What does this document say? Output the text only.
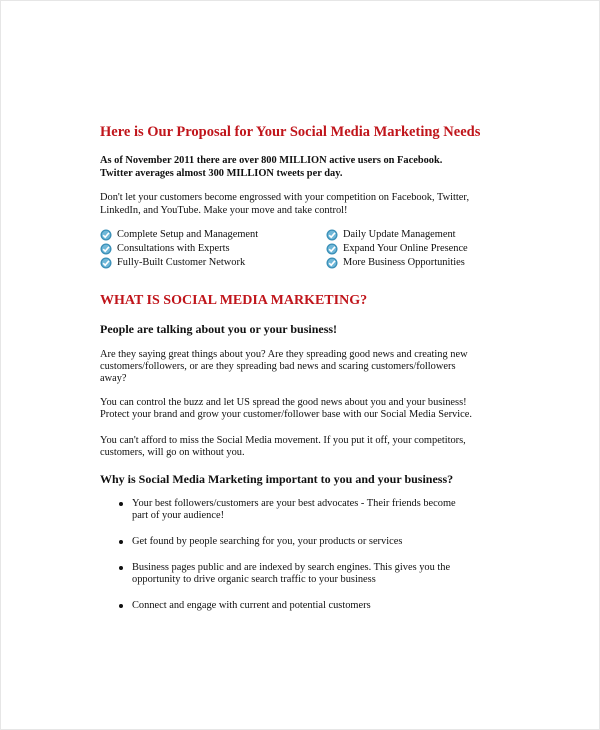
Here is Our Proposal for Your Social Media Marketing Needs

As of November 2011 there are over 800 MILLION active users on Facebook.
Twitter averages almost 300 MILLION tweets per day.

Don't let your customers become engrossed with your competition on Facebook, Twitter,
LinkedIn, and YouTube. Make your move and take control!

Complete Setup and Management	Daily Update Management
Consultations with Experts	Expand Your Online Presence
Fully-Built Customer Network	More Business Opportunities
WHAT IS SOCIAL MEDIA MARKETING?
People are talking about you or your business!

Are they saying great things about you? Are they spreading good news and creating new
customers/followers, or are they spreading bad news and scaring customers/followers
away?

You can control the buzz and let US spread the good news about you and your business!
Protect your brand and grow your customer/follower base with our Social Media Service.

You can't afford to miss the Social Media movement. If you put it off, your competitors,
customers, will go on without you.

Why is Social Media Marketing important to you and your business?
Your best followers/customers are your best advocates - Their friends become
part of your audience!
Get found by people searching for you, your products or services
Business pages public and are indexed by search engines. This gives you the
opportunity to drive organic search traffic to your business
Connect and engage with current and potential customers
